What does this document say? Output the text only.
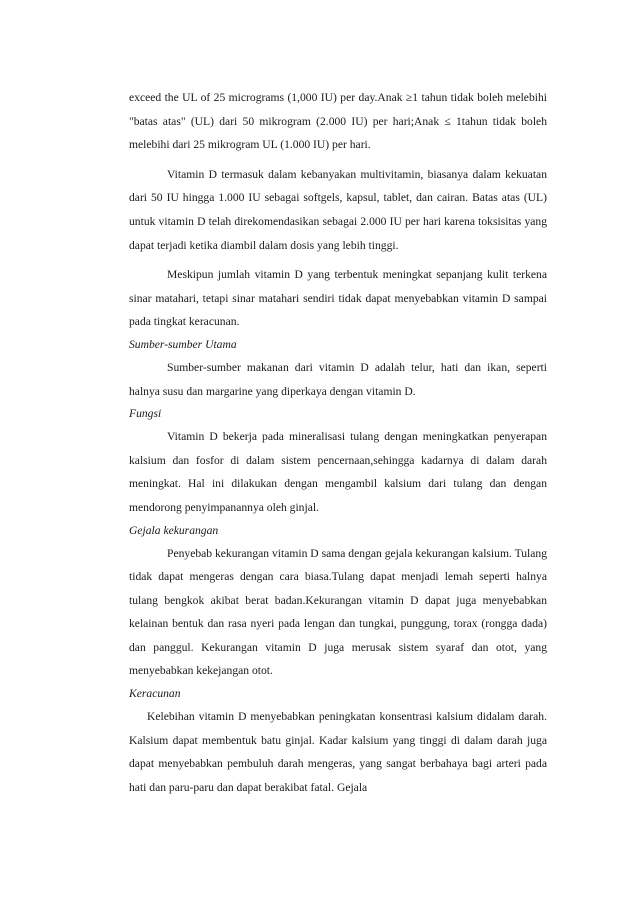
exceed the UL of 25 micrograms (1,000 IU) per day.Anak ≥1 tahun tidak boleh melebihi "batas atas" (UL) dari 50 mikrogram (2.000 IU) per hari;Anak ≤ 1tahun tidak boleh melebihi dari 25 mikrogram UL (1.000 IU) per hari.

Vitamin D termasuk dalam kebanyakan multivitamin, biasanya dalam kekuatan dari 50 IU hingga 1.000 IU sebagai softgels, kapsul, tablet, dan cairan. Batas atas (UL) untuk vitamin D telah direkomendasikan sebagai 2.000 IU per hari karena toksisitas yang dapat terjadi ketika diambil dalam dosis yang lebih tinggi.

Meskipun jumlah vitamin D yang terbentuk meningkat sepanjang kulit terkena sinar matahari, tetapi sinar matahari sendiri tidak dapat menyebabkan vitamin D sampai pada tingkat keracunan.

Sumber-sumber Utama

Sumber-sumber makanan dari vitamin D adalah telur, hati dan ikan, seperti halnya susu dan margarine yang diperkaya dengan vitamin D.

Fungsi

Vitamin D bekerja pada mineralisasi tulang dengan meningkatkan penyerapan kalsium dan fosfor di dalam sistem pencernaan,sehingga kadarnya di dalam darah meningkat. Hal ini dilakukan dengan mengambil kalsium dari tulang dan dengan mendorong penyimpanannya oleh ginjal.

Gejala kekurangan

Penyebab kekurangan vitamin D sama dengan gejala kekurangan kalsium. Tulang tidak dapat mengeras dengan cara biasa.Tulang dapat menjadi lemah seperti halnya tulang bengkok akibat berat badan.Kekurangan vitamin D dapat juga menyebabkan kelainan bentuk dan rasa nyeri pada lengan dan tungkai, punggung, torax (rongga dada) dan panggul. Kekurangan vitamin D juga merusak sistem syaraf dan otot, yang menyebabkan kekejangan otot.

Keracunan

Kelebihan vitamin D menyebabkan peningkatan konsentrasi kalsium didalam darah. Kalsium dapat membentuk batu ginjal. Kadar kalsium yang tinggi di dalam darah juga dapat menyebabkan pembuluh darah mengeras, yang sangat berbahaya bagi arteri pada hati dan paru-paru dan dapat berakibat fatal. Gejala
